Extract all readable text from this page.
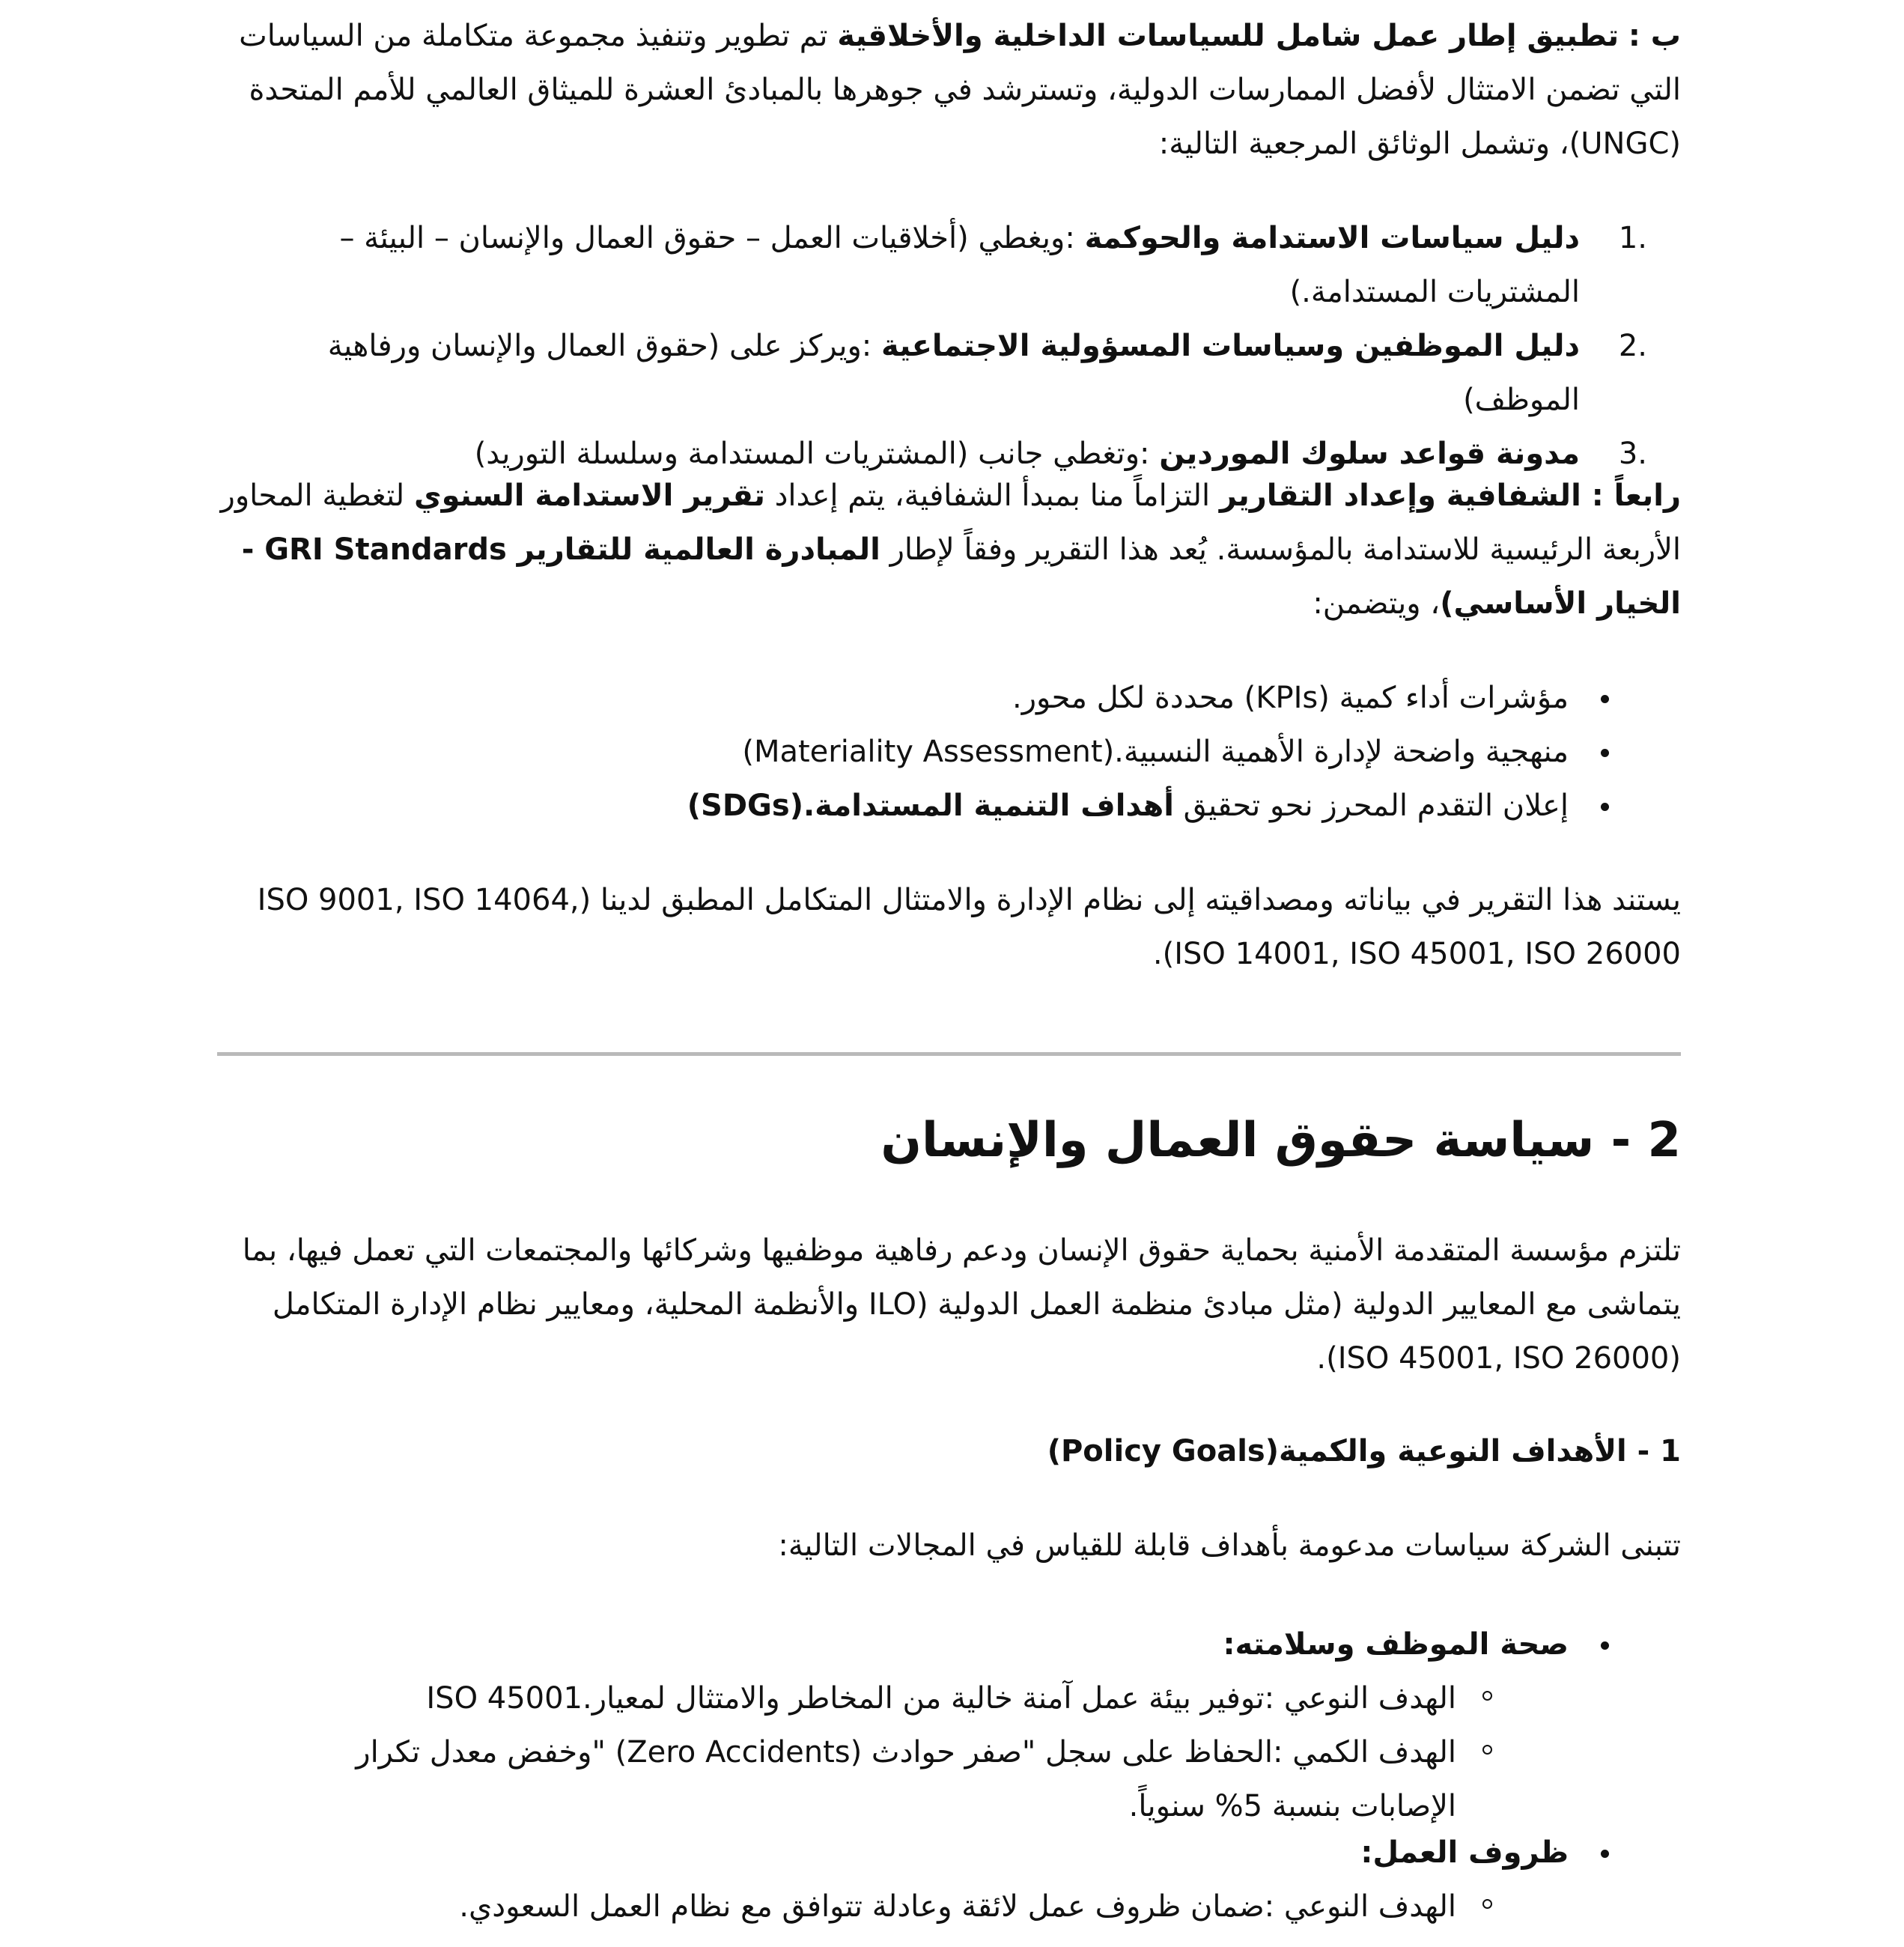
ب : تطبيق إطار عمل شامل للسياسات الداخلية والأخلاقية تم تطوير وتنفيذ مجموعة متكاملة من السياسات التي تضمن الامتثال لأفضل الممارسات الدولية، وتسترشد في جوهرها بالمبادئ العشرة للميثاق العالمي للأمم المتحدة (UNGC)، وتشمل الوثائق المرجعية التالية:

.1
دليل سياسات الاستدامة والحوكمة :ويغطي (أخلاقيات العمل – حقوق العمال والإنسان – البيئة – المشتريات المستدامة.)
.2
دليل الموظفين وسياسات المسؤولية الاجتماعية :ويركز على (حقوق العمال والإنسان ورفاهية الموظف)
.3
مدونة قواعد سلوك الموردين :وتغطي جانب (المشتريات المستدامة وسلسلة التوريد)

رابعاً : الشفافية وإعداد التقارير التزاماً منا بمبدأ الشفافية، يتم إعداد تقرير الاستدامة السنوي لتغطية المحاور الأربعة الرئيسية للاستدامة بالمؤسسة. يُعد هذا التقرير وفقاً لإطار المبادرة العالمية للتقارير GRI Standards - الخيار الأساسي)، ويتضمن:

مؤشرات أداء كمية (KPIs) محددة لكل محور.
منهجية واضحة لإدارة الأهمية النسبية.(Materiality Assessment)
إعلان التقدم المحرز نحو تحقيق أهداف التنمية المستدامة.(SDGs)

يستند هذا التقرير في بياناته ومصداقيته إلى نظام الإدارة والامتثال المتكامل المطبق لدينا (ISO 9001, ISO 14064, ISO 14001, ISO 45001, ISO 26000).

2 - سياسة حقوق العمال والإنسان

تلتزم مؤسسة المتقدمة الأمنية بحماية حقوق الإنسان ودعم رفاهية موظفيها وشركائها والمجتمعات التي تعمل فيها، بما يتماشى مع المعايير الدولية (مثل مبادئ منظمة العمل الدولية (ILO والأنظمة المحلية، ومعايير نظام الإدارة المتكامل (ISO 45001, ISO 26000).

1 - الأهداف النوعية والكمية(Policy Goals)

تتبنى الشركة سياسات مدعومة بأهداف قابلة للقياس في المجالات التالية:

صحة الموظف وسلامته:
الهدف النوعي :توفير بيئة عمل آمنة خالية من المخاطر والامتثال لمعيار.ISO 45001
الهدف الكمي :الحفاظ على سجل "صفر حوادث (Zero Accidents) "وخفض معدل تكرار الإصابات بنسبة 5% سنوياً.
ظروف العمل:
الهدف النوعي :ضمان ظروف عمل لائقة وعادلة تتوافق مع نظام العمل السعودي.
